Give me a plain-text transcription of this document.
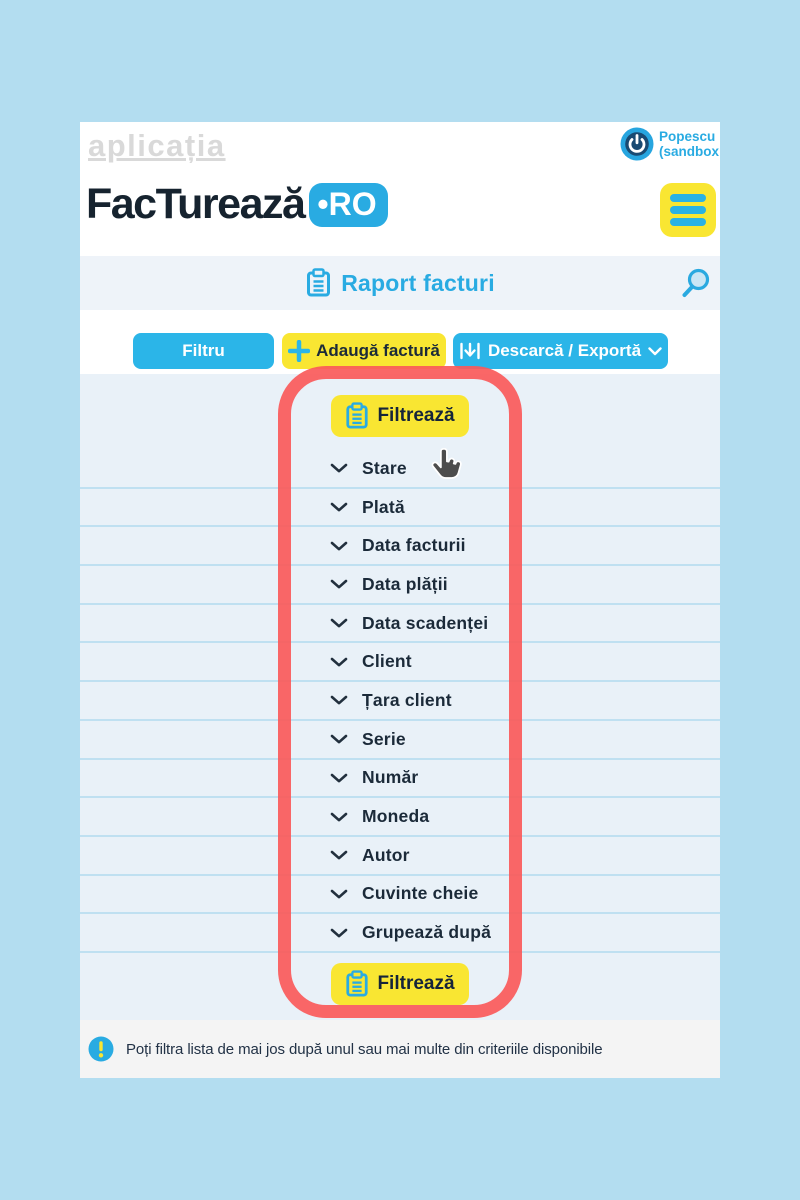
aplicația
FacTurează •RO
Popescu
(sandbox
Raport facturi
Filtru	Adaugă factură	Descarcă / Exportă
Filtrează
Stare
Plată
Data facturii
Data plății
Data scadenței
Client
Țara client
Serie
Număr
Moneda
Autor
Cuvinte cheie
Grupează după
Filtrează
Poți filtra lista de mai jos după unul sau mai multe din criteriile disponibile
